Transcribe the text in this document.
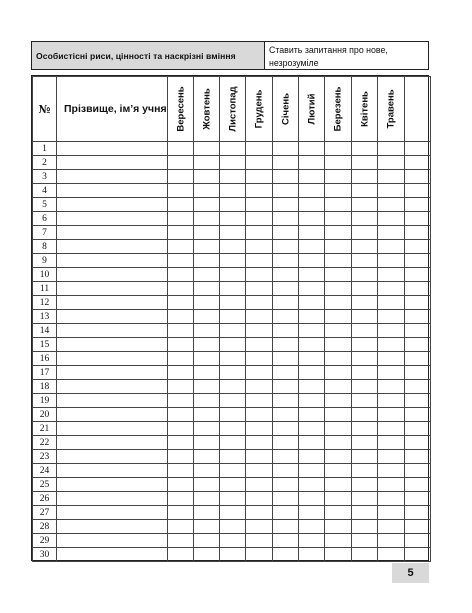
Особистісні риси, цінності та наскрізні вміння
Ставить запитання про нове, незрозуміле
№	Прізвище, ім’я учня	Вересень	Жовтень	Листопад	Грудень	Січень	Лютий	Березень	Квітень	Травень	

1											
2											
3											
4											
5											
6											
7											
8											
9											
10											
11											
12											
13											
14											
15											
16											
17											
18											
19											
20											
21											
22											
23											
24											
25											
26											
27											
28											
29											
30											
5
